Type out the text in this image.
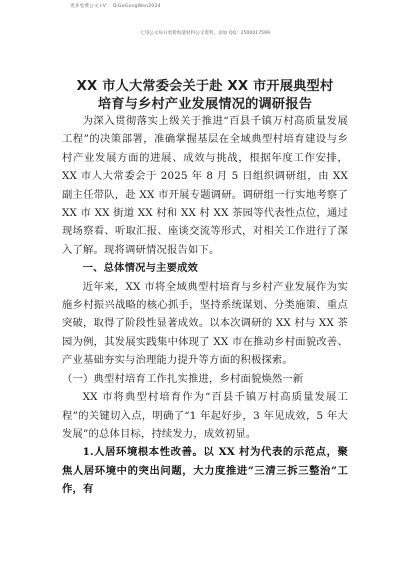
更多免费公文+V： QiGeGongWen2024
七哥公文每日更新海量材料公文资料，添加 QQ：2500017599
XX 市人大常委会关于赴 XX 市开展典型村
培育与乡村产业发展情况的调研报告

为深入贯彻落实上级关于推进“百县千镇万村高质量发展工程”的决策部署，准确掌握基层在全域典型村培育建设与乡村产业发展方面的进展、成效与挑战，根据年度工作安排，XX 市人大常委会于 2025 年 8 月 5 日组织调研组，由 XX 副主任带队，赴 XX 市开展专题调研。调研组一行实地考察了 XX 市 XX 街道 XX 村和 XX 村 XX 茶园等代表性点位，通过现场察看、听取汇报、座谈交流等形式，对相关工作进行了深入了解。现将调研情况报告如下。

一、总体情况与主要成效

近年来，XX 市将全域典型村培育与乡村产业发展作为实施乡村振兴战略的核心抓手，坚持系统谋划、分类施策、重点突破，取得了阶段性显著成效。以本次调研的 XX 村与 XX 茶园为例，其发展实践集中体现了 XX 市在推动乡村面貌改善、产业基础夯实与治理能力提升等方面的积极探索。

（一）典型村培育工作扎实推进，乡村面貌焕然一新

XX 市将典型村培育作为“百县千镇万村高质量发展工程”的关键切入点，明确了“1 年起好步，3 年见成效，5 年大发展”的总体目标，持续发力，成效初显。

1.人居环境根本性改善。以 XX 村为代表的示范点，聚焦人居环境中的突出问题，大力度推进”三清三拆三整治”工作，有
